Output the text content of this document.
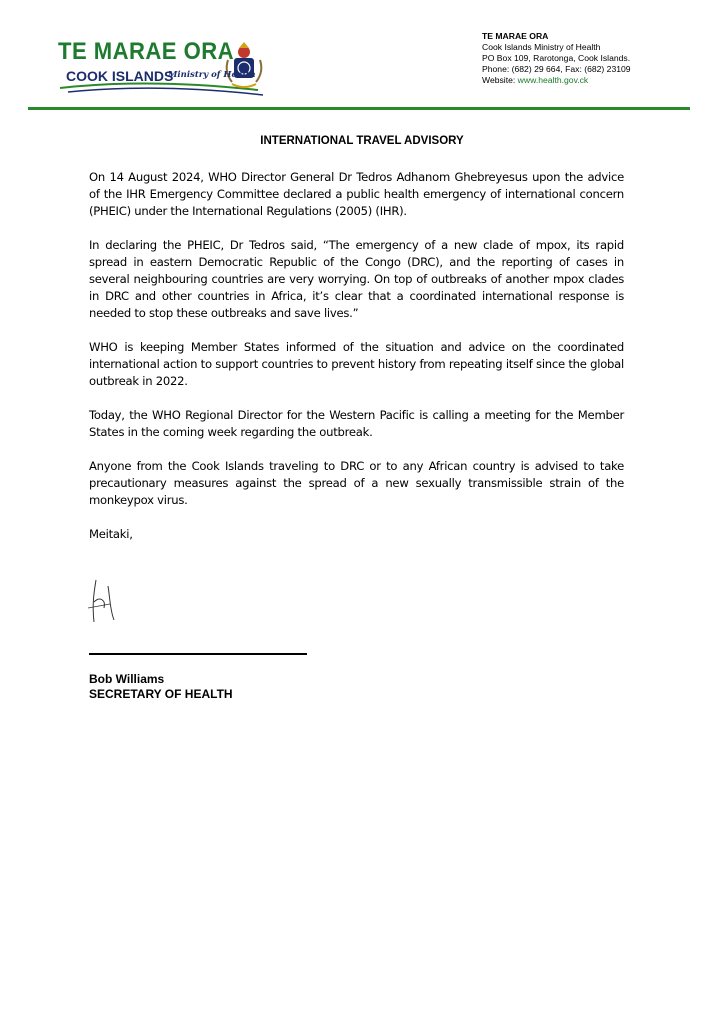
TE MARAE ORA
COOK ISLANDS
Ministry of Health
TE MARAE ORA
Cook Islands Ministry of Health
PO Box 109, Rarotonga, Cook Islands.
Phone: (682) 29 664, Fax: (682) 23109
Website: www.health.gov.ck
INTERNATIONAL TRAVEL ADVISORY

On 14 August 2024, WHO Director General Dr Tedros Adhanom Ghebreyesus upon the advice of the IHR Emergency Committee declared a public health emergency of international concern (PHEIC) under the International Regulations (2005) (IHR).

In declaring the PHEIC, Dr Tedros said, “The emergency of a new clade of mpox, its rapid spread in eastern Democratic Republic of the Congo (DRC), and the reporting of cases in several neighbouring countries are very worrying. On top of outbreaks of another mpox clades in DRC and other countries in Africa, it’s clear that a coordinated international response is needed to stop these outbreaks and save lives.”

WHO is keeping Member States informed of the situation and advice on the coordinated international action to support countries to prevent history from repeating itself since the global outbreak in 2022.

Today, the WHO Regional Director for the Western Pacific is calling a meeting for the Member States in the coming week regarding the outbreak.

Anyone from the Cook Islands traveling to DRC or to any African country is advised to take precautionary measures against the spread of a new sexually transmissible strain of the monkeypox virus.

Meitaki,

Bob Williams
SECRETARY OF HEALTH
